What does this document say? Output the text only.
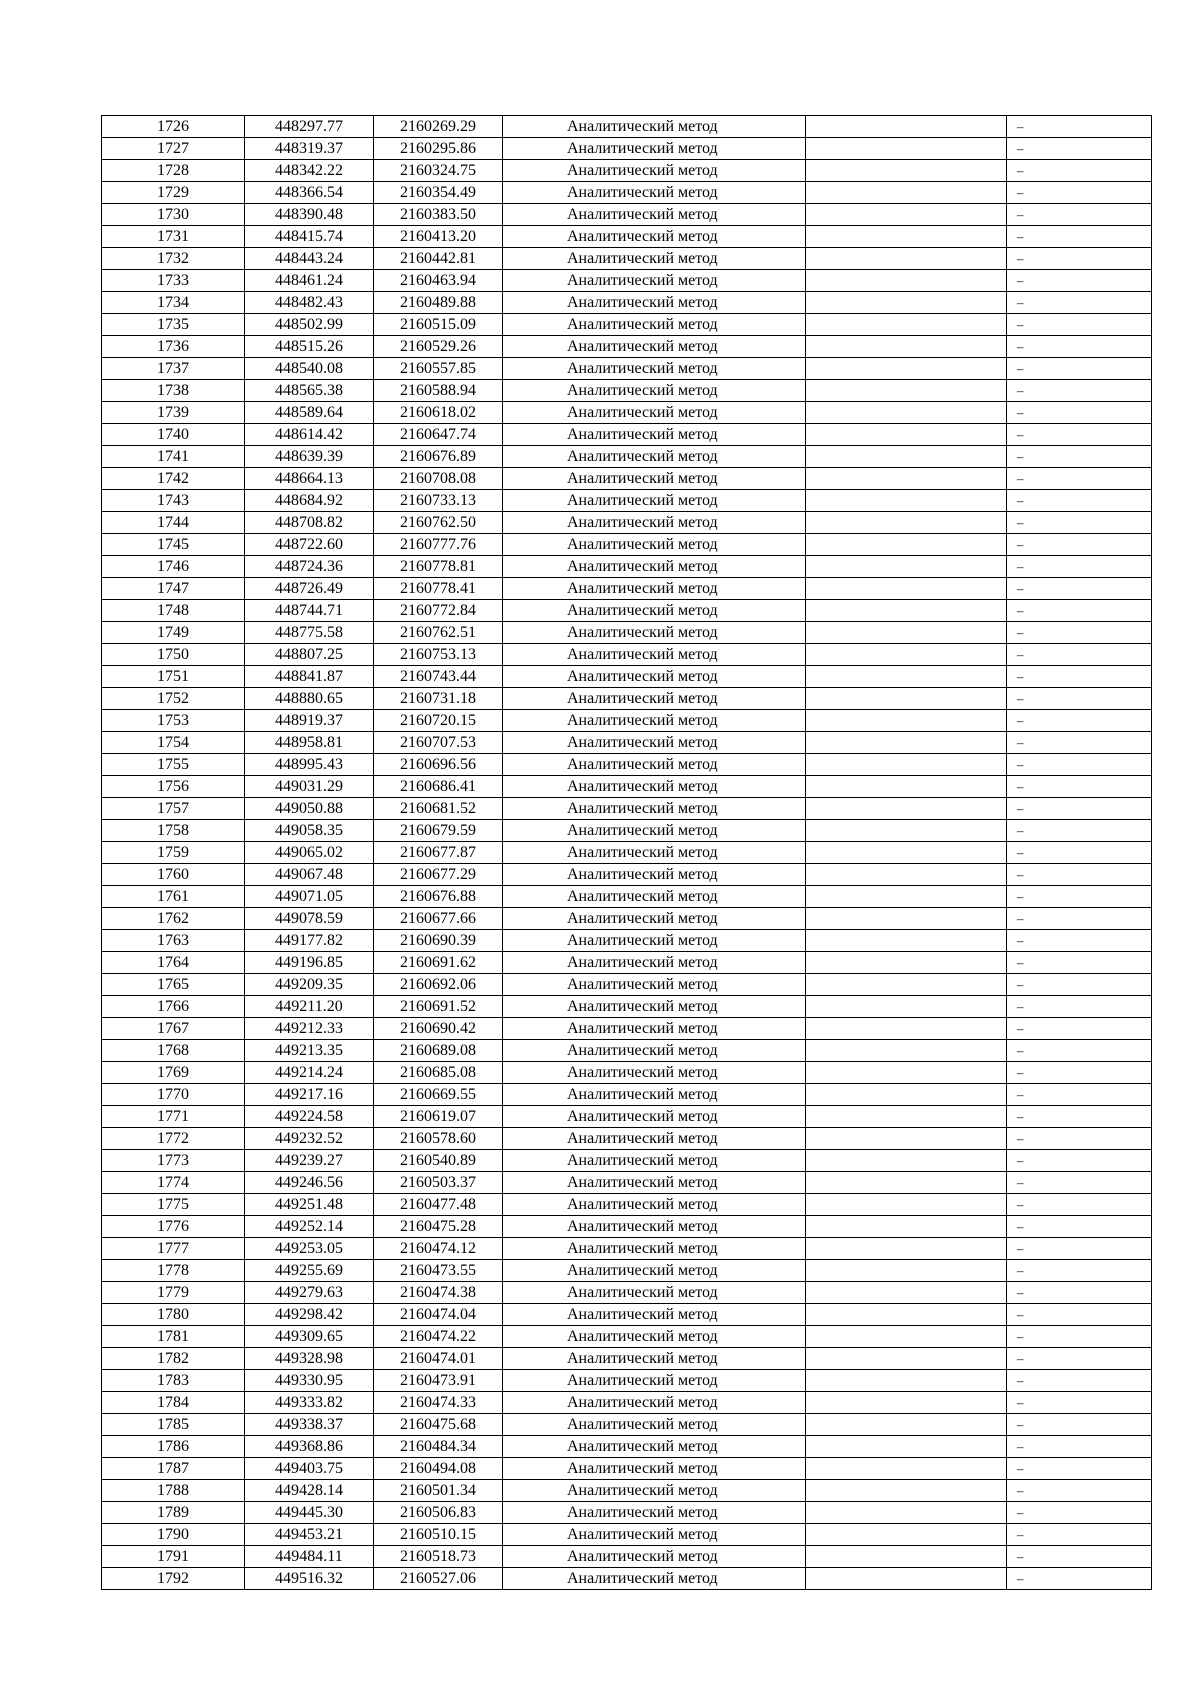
1726	448297.77	2160269.29	Аналитический метод		–
1727	448319.37	2160295.86	Аналитический метод		–
1728	448342.22	2160324.75	Аналитический метод		–
1729	448366.54	2160354.49	Аналитический метод		–
1730	448390.48	2160383.50	Аналитический метод		–
1731	448415.74	2160413.20	Аналитический метод		–
1732	448443.24	2160442.81	Аналитический метод		–
1733	448461.24	2160463.94	Аналитический метод		–
1734	448482.43	2160489.88	Аналитический метод		–
1735	448502.99	2160515.09	Аналитический метод		–
1736	448515.26	2160529.26	Аналитический метод		–
1737	448540.08	2160557.85	Аналитический метод		–
1738	448565.38	2160588.94	Аналитический метод		–
1739	448589.64	2160618.02	Аналитический метод		–
1740	448614.42	2160647.74	Аналитический метод		–
1741	448639.39	2160676.89	Аналитический метод		–
1742	448664.13	2160708.08	Аналитический метод		–
1743	448684.92	2160733.13	Аналитический метод		–
1744	448708.82	2160762.50	Аналитический метод		–
1745	448722.60	2160777.76	Аналитический метод		–
1746	448724.36	2160778.81	Аналитический метод		–
1747	448726.49	2160778.41	Аналитический метод		–
1748	448744.71	2160772.84	Аналитический метод		–
1749	448775.58	2160762.51	Аналитический метод		–
1750	448807.25	2160753.13	Аналитический метод		–
1751	448841.87	2160743.44	Аналитический метод		–
1752	448880.65	2160731.18	Аналитический метод		–
1753	448919.37	2160720.15	Аналитический метод		–
1754	448958.81	2160707.53	Аналитический метод		–
1755	448995.43	2160696.56	Аналитический метод		–
1756	449031.29	2160686.41	Аналитический метод		–
1757	449050.88	2160681.52	Аналитический метод		–
1758	449058.35	2160679.59	Аналитический метод		–
1759	449065.02	2160677.87	Аналитический метод		–
1760	449067.48	2160677.29	Аналитический метод		–
1761	449071.05	2160676.88	Аналитический метод		–
1762	449078.59	2160677.66	Аналитический метод		–
1763	449177.82	2160690.39	Аналитический метод		–
1764	449196.85	2160691.62	Аналитический метод		–
1765	449209.35	2160692.06	Аналитический метод		–
1766	449211.20	2160691.52	Аналитический метод		–
1767	449212.33	2160690.42	Аналитический метод		–
1768	449213.35	2160689.08	Аналитический метод		–
1769	449214.24	2160685.08	Аналитический метод		–
1770	449217.16	2160669.55	Аналитический метод		–
1771	449224.58	2160619.07	Аналитический метод		–
1772	449232.52	2160578.60	Аналитический метод		–
1773	449239.27	2160540.89	Аналитический метод		–
1774	449246.56	2160503.37	Аналитический метод		–
1775	449251.48	2160477.48	Аналитический метод		–
1776	449252.14	2160475.28	Аналитический метод		–
1777	449253.05	2160474.12	Аналитический метод		–
1778	449255.69	2160473.55	Аналитический метод		–
1779	449279.63	2160474.38	Аналитический метод		–
1780	449298.42	2160474.04	Аналитический метод		–
1781	449309.65	2160474.22	Аналитический метод		–
1782	449328.98	2160474.01	Аналитический метод		–
1783	449330.95	2160473.91	Аналитический метод		–
1784	449333.82	2160474.33	Аналитический метод		–
1785	449338.37	2160475.68	Аналитический метод		–
1786	449368.86	2160484.34	Аналитический метод		–
1787	449403.75	2160494.08	Аналитический метод		–
1788	449428.14	2160501.34	Аналитический метод		–
1789	449445.30	2160506.83	Аналитический метод		–
1790	449453.21	2160510.15	Аналитический метод		–
1791	449484.11	2160518.73	Аналитический метод		–
1792	449516.32	2160527.06	Аналитический метод		–
